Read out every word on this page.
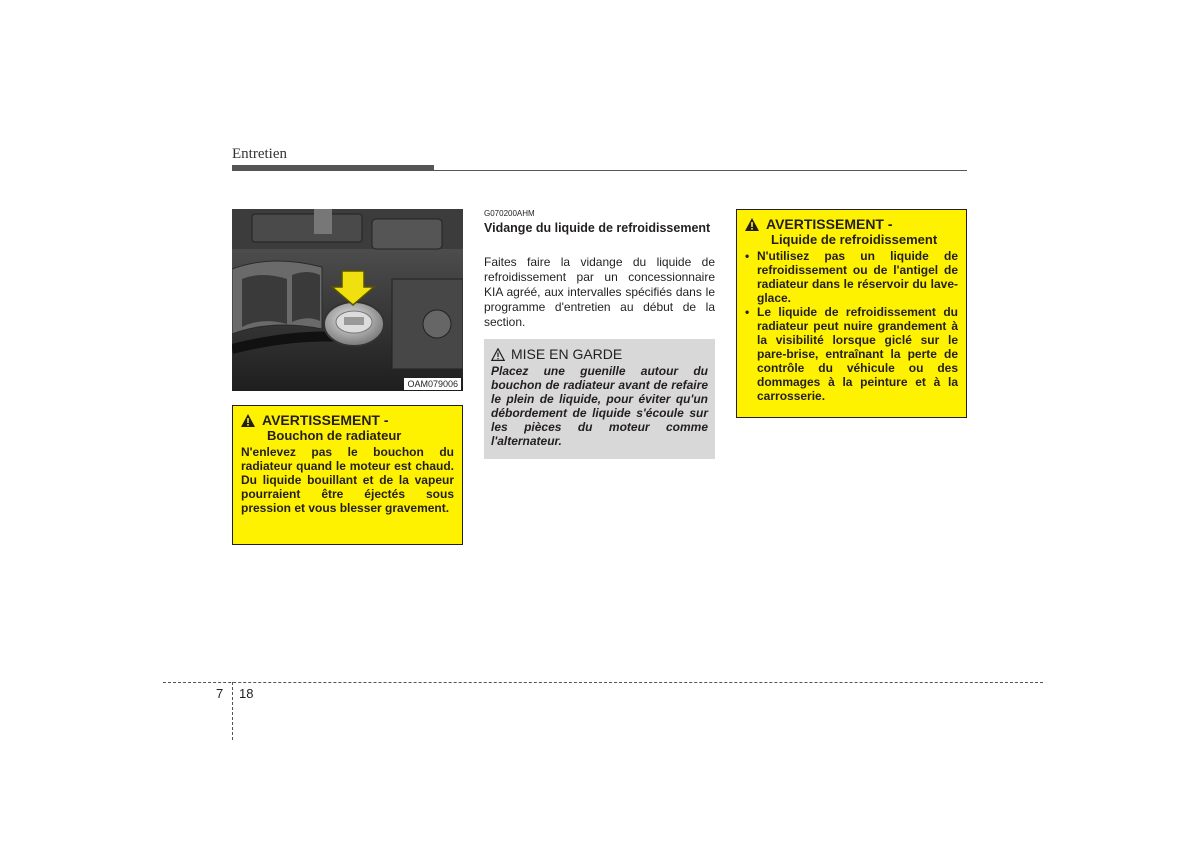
Entretien
OAM079006
AVERTISSEMENT -
Bouchon de radiateur
N'enlevez pas le bouchon du radiateur quand le moteur est chaud. Du liquide bouillant et de la vapeur pourraient être éjectés sous pression et vous blesser gravement.
G070200AHM
Vidange du liquide de refroidissement
Faites faire la vidange du liquide de refroidissement par un concessionnaire KIA agréé, aux intervalles spécifiés dans le programme d'entretien au début de la section.
MISE EN GARDE
Placez une guenille autour du bouchon de radiateur avant de refaire le plein de liquide, pour éviter qu'un débordement de liquide s'écoule sur les pièces du moteur comme l'alternateur.
AVERTISSEMENT -
Liquide de refroidissement
• N'utilisez pas un liquide de refroidissement ou de l'antigel de radiateur dans le réservoir du lave-glace.
• Le liquide de refroidissement du radiateur peut nuire grandement à la visibilité lorsque giclé sur le pare-brise, entraînant la perte de contrôle du véhicule ou des dommages à la peinture et à la carrosserie.
7 18
